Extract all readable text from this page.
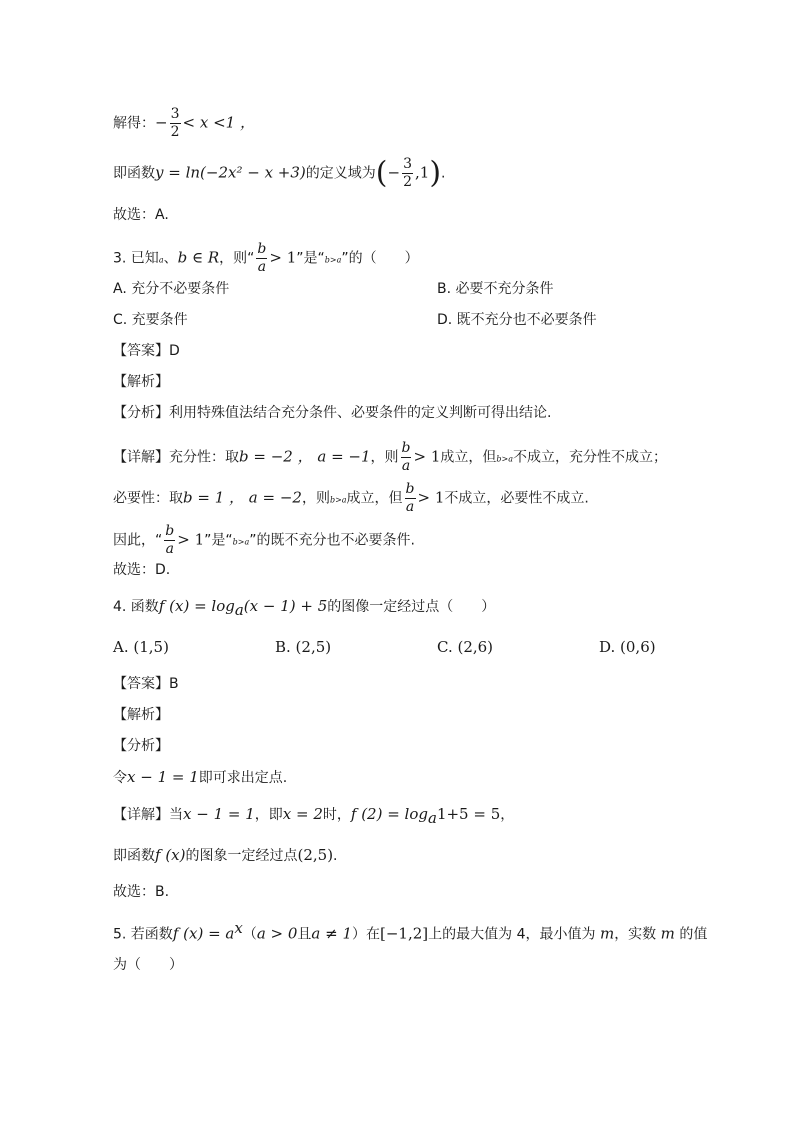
解得：− $\frac{3}{2} < x <1$ ，
即函数y = ln(−2x² − x +3)的定义域为(− $\frac{3}{2} ,1$).
故选：A.
3. 已知a、b ∈ R，则“ $\frac{b}{a} > 1$”是“b>a”的（　　）
A. 充分不必要条件	B. 必要不充分条件
C. 充要条件	D. 既不充分也不必要条件
【答案】D
【解析】
【分析】利用特殊值法结合充分条件、必要条件的定义判断可得出结论.
【详解】充分性：取b = −2 ， a = −1，则 $\frac{b}{a} > 1$成立，但b>a不成立，充分性不成立；
必要性：取b = 1 ， a = −2，则b>a成立，但 $\frac{b}{a} > 1$不成立，必要性不成立.
因此，“ $\frac{b}{a} > 1$”是“b>a”的既不充分也不必要条件.
故选：D.
4. 函数f $(x) = \log_a(x - 1) + 5$的图像一定经过点（　　）
A. (1,5)	B. (2,5)	C. (2,6)	D. (0,6)
【答案】B
【解析】
【分析】
令x − 1 = 1即可求出定点.
【详解】当x − 1 = 1，即x = 2时，f $(2) = \log_a1+5 = 5$，
即函数f (x)的图象一定经过点(2,5).
故选：B.
5. 若函数f $(x) = a^x(a > 0$且a ≠ 1）在[−1,2]上的最大值为 4，最小值为 m，实数 m 的值
为（　　）
